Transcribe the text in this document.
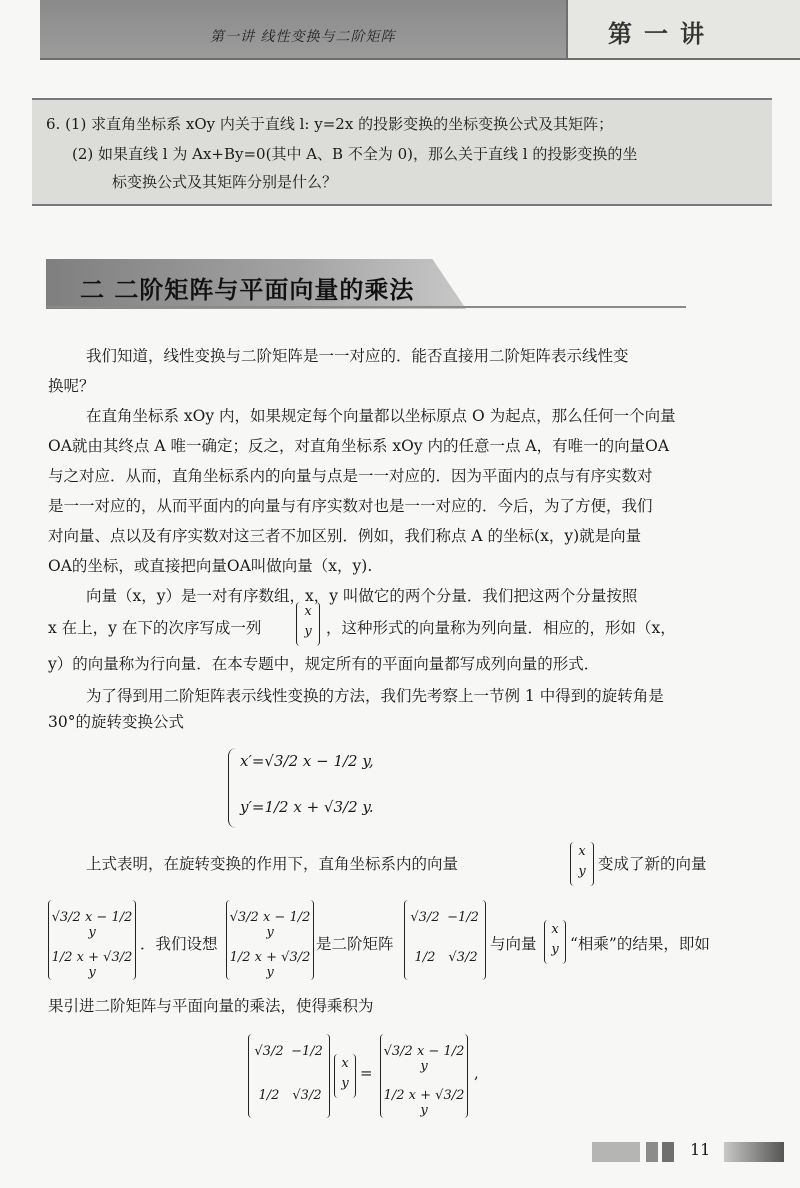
第一讲 线性变换与二阶矩阵	第一讲

6. (1) 求直角坐标系 xOy 内关于直线 l: y=2x 的投影变换的坐标变换公式及其矩阵；

(2) 如果直线 l 为 Ax+By=0(其中 A、B 不全为 0)，那么关于直线 l 的投影变换的坐

标变换公式及其矩阵分别是什么？

二 二阶矩阵与平面向量的乘法

我们知道，线性变换与二阶矩阵是一一对应的．能否直接用二阶矩阵表示线性变

换呢？

在直角坐标系 xOy 内，如果规定每个向量都以坐标原点 O 为起点，那么任何一个向量

OA就由其终点 A 唯一确定；反之，对直角坐标系 xOy 内的任意一点 A，有唯一的向量OA

与之对应．从而，直角坐标系内的向量与点是一一对应的．因为平面内的点与有序实数对

是一一对应的，从而平面内的向量与有序实数对也是一一对应的．今后，为了方便，我们

对向量、点以及有序实数对这三者不加区别．例如，我们称点 A 的坐标(x，y)就是向量

OA的坐标，或直接把向量OA叫做向量（x，y).

向量（x，y）是一对有序数组，x，y 叫做它的两个分量．我们把这两个分量按照

x 在上，y 在下的次序写成一列

x
y ，这种形式的向量称为列向量．相应的，形如（x，

y）的向量称为行向量．在本专题中，规定所有的平面向量都写成列向量的形式．

为了得到用二阶矩阵表示线性变换的方法，我们先考察上一节例 1 中得到的旋转角是

30°的旋转变换公式

x′=√3/2 x − 1/2 y,
y′=1/2 x + √3/2 y.

上式表明，在旋转变换的作用下，直角坐标系内的向量

x
y 变成了新的向量

√3/2 x − 1/2 y
1/2 x + √3/2 y

．我们设想

√3/2 x − 1/2 y
1/2 x + √3/2 y

是二阶矩阵

√3/2 −1/2
1/2 √3/2

与向量

x
y “相乘”的结果，即如

果引进二阶矩阵与平面向量的乘法，使得乘积为

√3/2 −1/2
1/2 √3/2
x
y
=
√3/2 x − 1/2 y
1/2 x + √3/2 y
,
11
